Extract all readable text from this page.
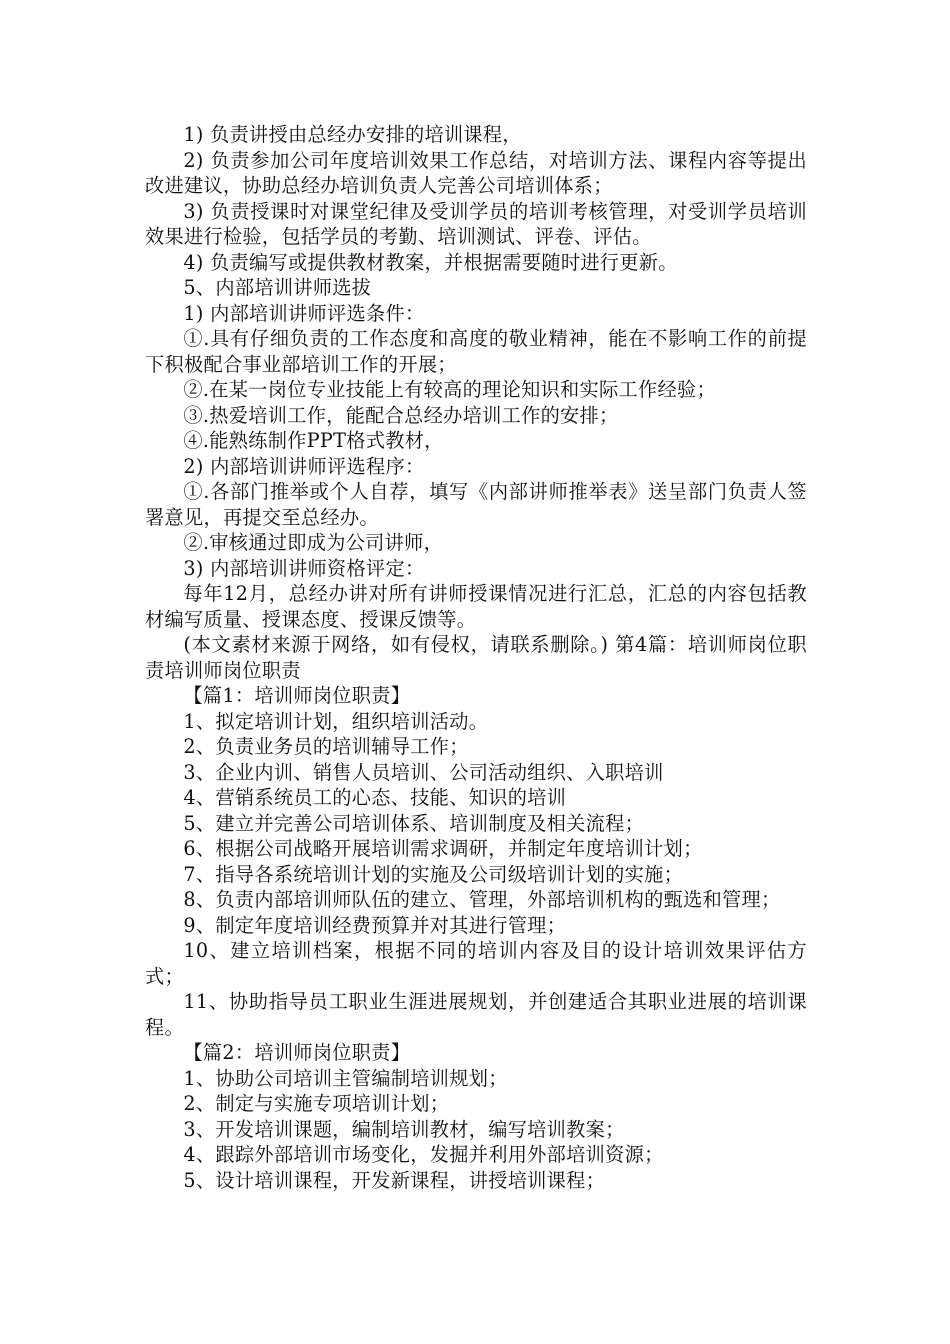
1) 负责讲授由总经办安排的培训课程，

2) 负责参加公司年度培训效果工作总结，对培训方法、课程内容等提出改进建议，协助总经办培训负责人完善公司培训体系；

3) 负责授课时对课堂纪律及受训学员的培训考核管理，对受训学员培训效果进行检验，包括学员的考勤、培训测试、评卷、评估。

4) 负责编写或提供教材教案，并根据需要随时进行更新。

5、内部培训讲师选拔

1) 内部培训讲师评选条件：

①.具有仔细负责的工作态度和高度的敬业精神，能在不影响工作的前提下积极配合事业部培训工作的开展；

②.在某一岗位专业技能上有较高的理论知识和实际工作经验；

③.热爱培训工作，能配合总经办培训工作的安排；

④.能熟练制作PPT格式教材，

2) 内部培训讲师评选程序：

①.各部门推举或个人自荐，填写《内部讲师推举表》送呈部门负责人签署意见，再提交至总经办。

②.审核通过即成为公司讲师，

3) 内部培训讲师资格评定：

每年12月，总经办讲对所有讲师授课情况进行汇总，汇总的内容包括教材编写质量、授课态度、授课反馈等。

(本文素材来源于网络，如有侵权，请联系删除。) 第4篇：培训师岗位职责培训师岗位职责

【篇1：培训师岗位职责】

1、拟定培训计划，组织培训活动。

2、负责业务员的培训辅导工作；

3、企业内训、销售人员培训、公司活动组织、入职培训

4、营销系统员工的心态、技能、知识的培训

5、建立并完善公司培训体系、培训制度及相关流程；

6、根据公司战略开展培训需求调研，并制定年度培训计划；

7、指导各系统培训计划的实施及公司级培训计划的实施；

8、负责内部培训师队伍的建立、管理，外部培训机构的甄选和管理；

9、制定年度培训经费预算并对其进行管理；

10、建立培训档案，根据不同的培训内容及目的设计培训效果评估方式；

11、协助指导员工职业生涯进展规划，并创建适合其职业进展的培训课程。

【篇2：培训师岗位职责】

1、协助公司培训主管编制培训规划；

2、制定与实施专项培训计划；

3、开发培训课题，编制培训教材，编写培训教案；

4、跟踪外部培训市场变化，发掘并利用外部培训资源；

5、设计培训课程，开发新课程，讲授培训课程；
